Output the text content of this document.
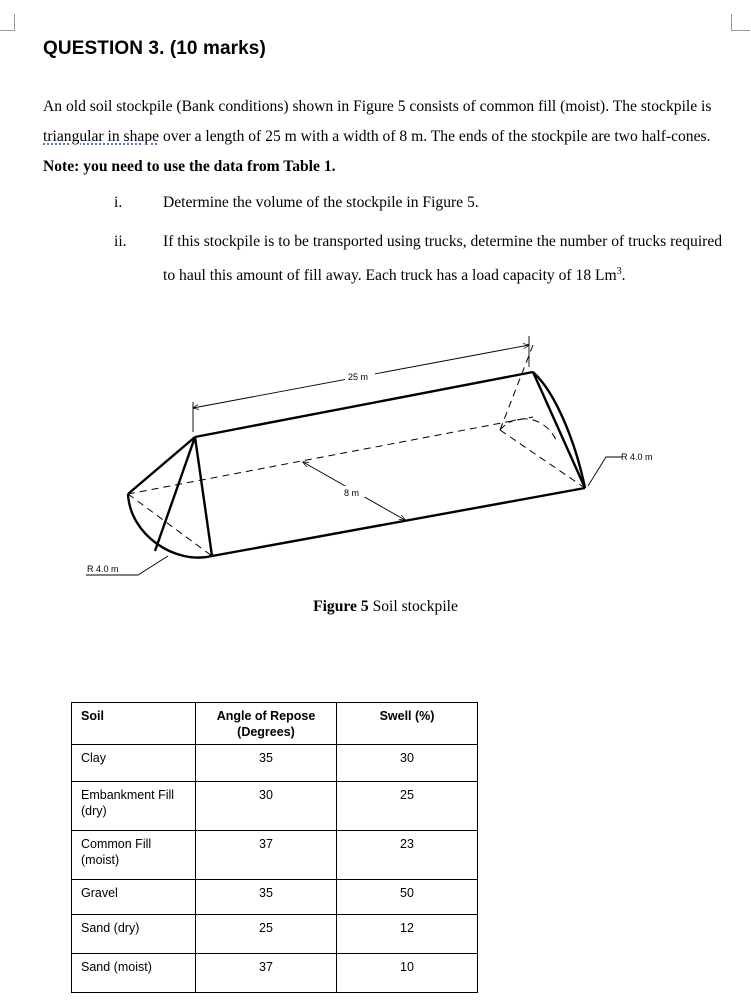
QUESTION 3. (10 marks)

An old soil stockpile (Bank conditions) shown in Figure 5 consists of common fill (moist). The stockpile is triangular in shape over a length of 25 m with a width of 8 m. The ends of the stockpile are two half-cones. Note: you need to use the data from Table 1.

i.	Determine the volume of the stockpile in Figure 5.
ii. If this stockpile is to be transported using trucks, determine the number of trucks required to haul this amount of fill away. Each truck has a load capacity of 18 Lm$^3$.
25 m
8 m
R 4.0 m
R 4.0 m
Figure 5 Soil stockpile
Soil	Angle of Repose (Degrees)	Swell (%)
Clay	35	30
Embankment Fill (dry)	30	25
Common Fill (moist)	37	23
Gravel	35	50
Sand (dry)	25	12
Sand (moist)	37	10
